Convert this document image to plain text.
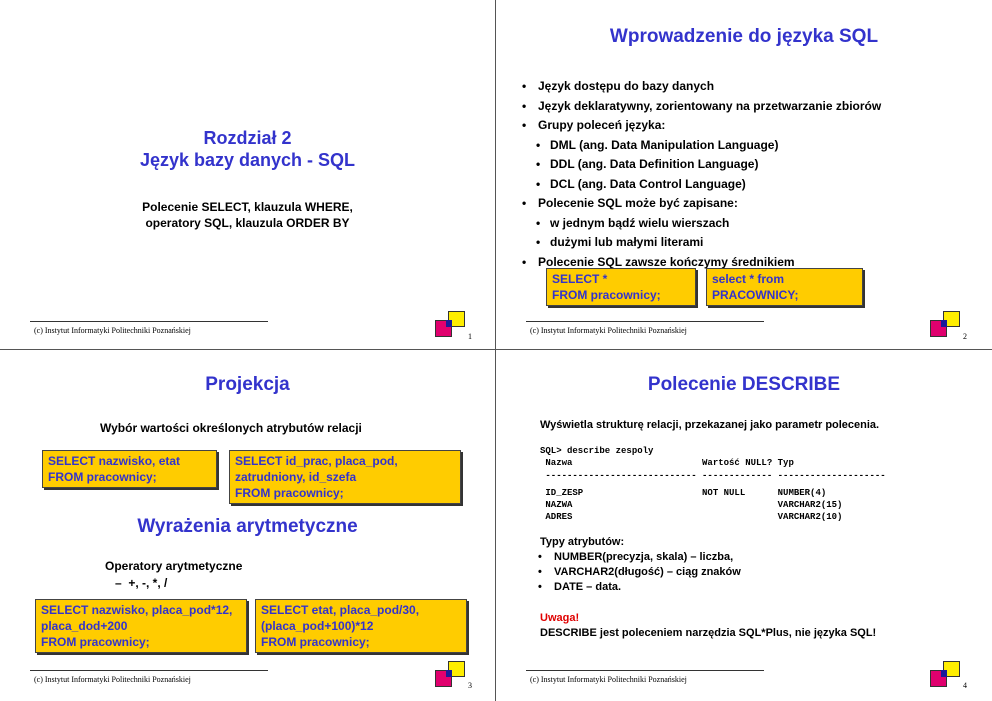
Rozdział 2
Język bazy danych - SQL
Polecenie SELECT, klauzula WHERE,
operatory SQL, klauzula ORDER BY
(c) Instytut Informatyki Politechniki Poznańskiej
1
Wprowadzenie do języka SQL
• Język dostępu do bazy danych
• Język deklaratywny, zorientowany na przetwarzanie zbiorów
• Grupy poleceń języka:
• DML (ang. Data Manipulation Language)
• DDL (ang. Data Definition Language)
• DCL (ang. Data Control Language)
• Polecenie SQL może być zapisane:
• w jednym bądź wielu wierszach
• dużymi lub małymi literami
• Polecenie SQL zawsze kończymy średnikiem
SELECT *
FROM pracownicy;
select * from
PRACOWNICY;
(c) Instytut Informatyki Politechniki Poznańskiej
2
Projekcja
Wybór wartości określonych atrybutów relacji
SELECT nazwisko, etat
FROM pracownicy;
SELECT id_prac, placa_pod,
zatrudniony, id_szefa
FROM pracownicy;
Wyrażenia arytmetyczne
Operatory arytmetyczne
–  +, -, *, /
SELECT nazwisko, placa_pod*12,
placa_dod+200
FROM pracownicy;
SELECT etat, placa_pod/30,
(placa_pod+100)*12
FROM pracownicy;
(c) Instytut Informatyki Politechniki Poznańskiej
3
Polecenie DESCRIBE
Wyświetla strukturę relacji, przekazanej jako parametr polecenia.
SQL> describe zespoly
Nazwa                        Wartość NULL? Typ
---------------------------- ------------- --------------------
ID_ZESP                      NOT NULL      NUMBER(4)
NAZWA                                      VARCHAR2(15)
ADRES                                      VARCHAR2(10)
Typy atrybutów:
• NUMBER(precyzja, skala) – liczba,
• VARCHAR2(długość) – ciąg znaków
• DATE – data.
Uwaga!
DESCRIBE jest poleceniem narzędzia SQL*Plus, nie języka SQL!
(c) Instytut Informatyki Politechniki Poznańskiej
4
